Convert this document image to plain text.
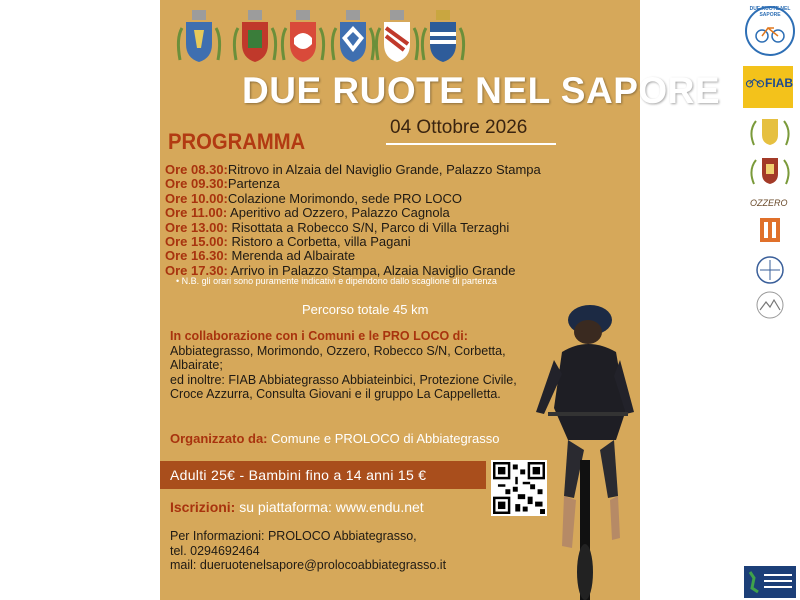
DUE RUOTE NEL SAPORE
04 Ottobre 2026
PROGRAMMA
Ore 08.30:Ritrovo in Alzaia del Naviglio Grande, Palazzo Stampa
Ore 09.30:Partenza
Ore 10.00:Colazione Morimondo, sede PRO LOCO
Ore 11.00: Aperitivo ad Ozzero, Palazzo Cagnola
Ore 13.00: Risottata a Robecco S/N, Parco di Villa Terzaghi
Ore 15.00: Ristoro a Corbetta, villa Pagani
Ore 16.30: Merenda ad Albairate
Ore 17.30: Arrivo in Palazzo Stampa, Alzaia Naviglio Grande
• N.B. gli orari sono puramente indicativi e dipendono dallo scaglione di partenza
Percorso totale 45 km
In collaborazione con i Comuni e le PRO LOCO di:
Abbiategrasso, Morimondo, Ozzero, Robecco S/N, Corbetta, Albairate;
ed inoltre: FIAB Abbiategrasso Abbiateinbici, Protezione Civile, Croce Azzurra, Consulta Giovani e il gruppo La Cappelletta.
Organizzato da: Comune e PROLOCO di Abbiategrasso
Adulti 25€ - Bambini fino a 14 anni 15 €
Iscrizioni: su piattaforma: www.endu.net
Per Informazioni: PROLOCO Abbiategrasso,
tel. 0294692464
mail: dueruotenelsapore@prolocoabbiategrasso.it
DUE RUOTE NEL SAPORE
FIAB
OZZERO
